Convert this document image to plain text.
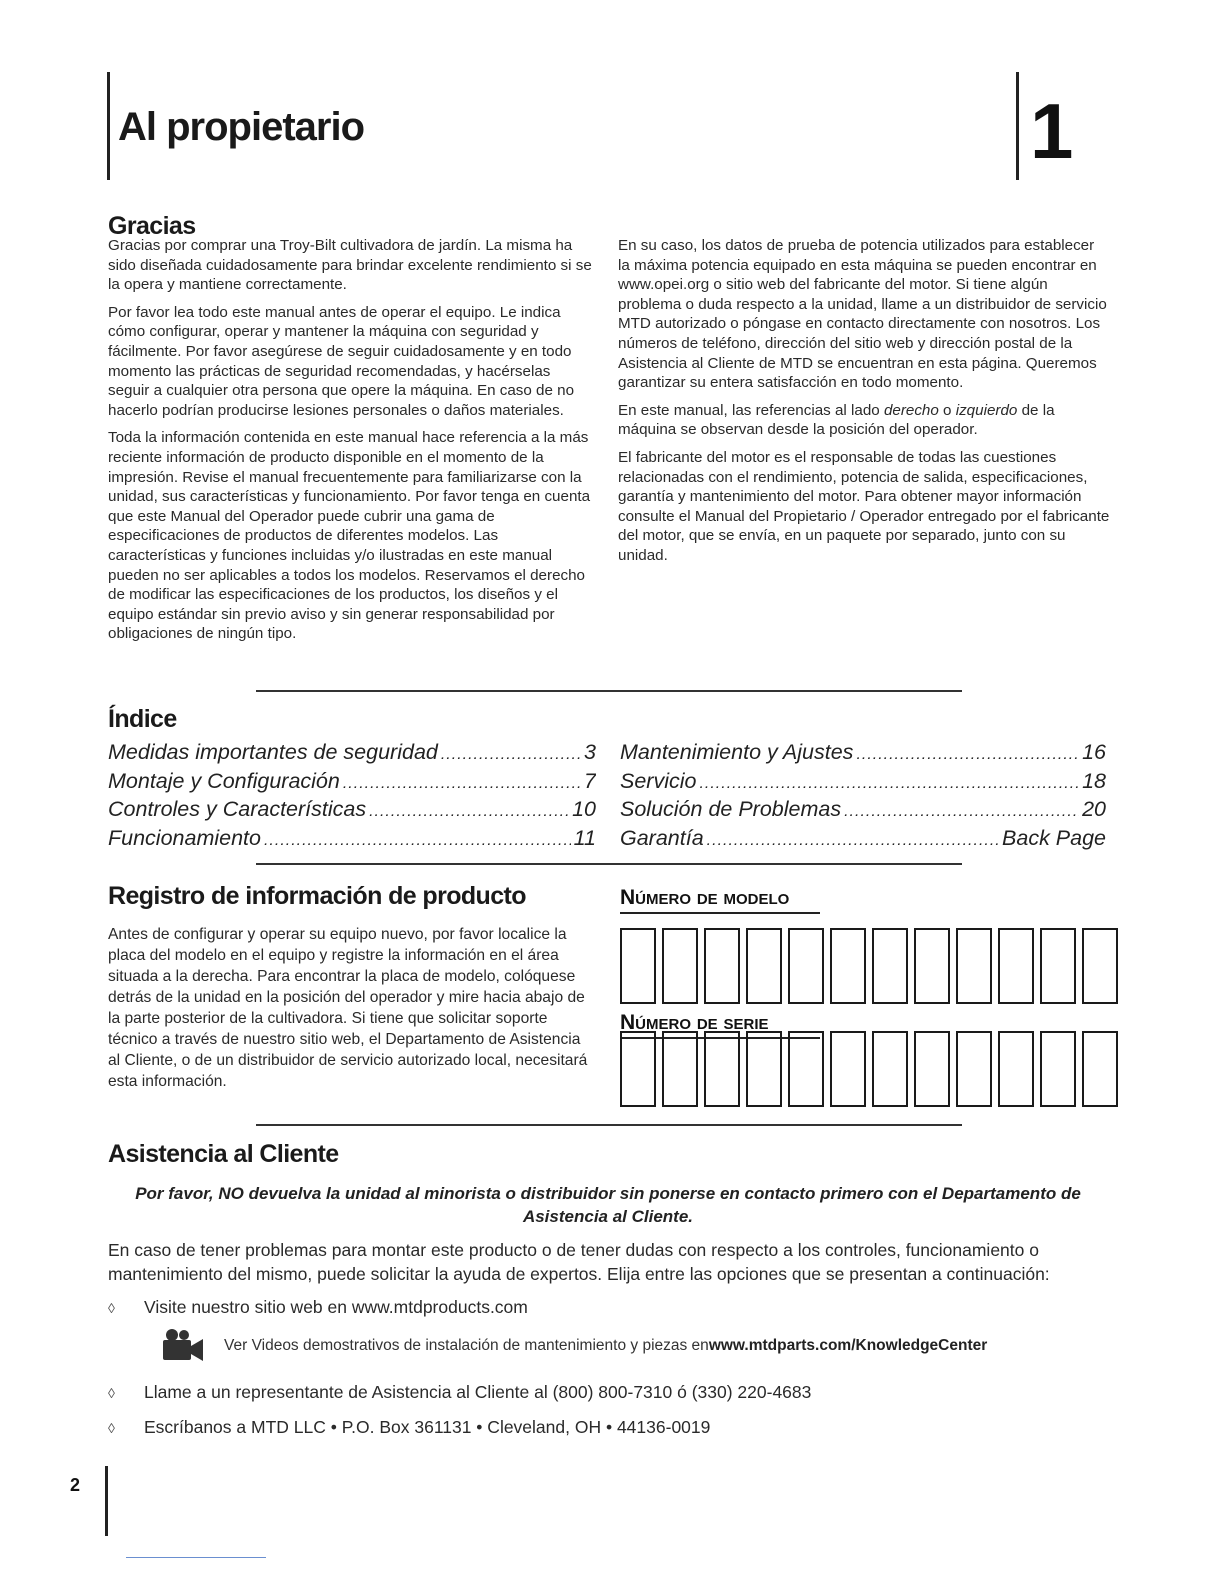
Al propietario	1
Gracias

Gracias por comprar una Troy-Bilt cultivadora de jardín. La misma ha sido diseñada cuidadosamente para brindar excelente rendimiento si se la opera y mantiene correctamente.

Por favor lea todo este manual antes de operar el equipo. Le indica cómo configurar, operar y mantener la máquina con seguridad y fácilmente. Por favor asegúrese de seguir cuidadosamente y en todo momento las prácticas de seguridad recomendadas, y hacérselas seguir a cualquier otra persona que opere la máquina. En caso de no hacerlo podrían producirse lesiones personales o daños materiales.

Toda la información contenida en este manual hace referencia a la más reciente información de producto disponible en el momento de la impresión. Revise el manual frecuentemente para familiarizarse con la unidad, sus características y funcionamiento. Por favor tenga en cuenta que este Manual del Operador puede cubrir una gama de especificaciones de productos de diferentes modelos. Las características y funciones incluidas y/o ilustradas en este manual pueden no ser aplicables a todos los modelos. Reservamos el derecho de modificar las especificaciones de los productos, los diseños y el equipo estándar sin previo aviso y sin generar responsabilidad por obligaciones de ningún tipo.

En su caso, los datos de prueba de potencia utilizados para establecer la máxima potencia equipado en esta máquina se pueden encontrar en www.opei.org o sitio web del fabricante del motor. Si tiene algún problema o duda respecto a la unidad, llame a un distribuidor de servicio MTD autorizado o póngase en contacto directamente con nosotros. Los números de teléfono, dirección del sitio web y dirección postal de la Asistencia al Cliente de MTD se encuentran en esta página. Queremos garantizar su entera satisfacción en todo momento.

En este manual, las referencias al lado derecho o izquierdo de la máquina se observan desde la posición del operador.

El fabricante del motor es el responsable de todas las cuestiones relacionadas con el rendimiento, potencia de salida, especificaciones, garantía y mantenimiento del motor. Para obtener mayor información consulte el Manual del Propietario / Operador entregado por el fabricante del motor, que se envía, en un paquete por separado, junto con su unidad.

Índice
Medidas importantes de seguridad .....	3
Montaje y Configuración .....	7
Controles y Características .....	10
Funcionamiento .....	11
Mantenimiento y Ajustes .....	16
Servicio .....	18
Solución de Problemas .....	20
Garantía .....	Back Page
Registro de información de producto
Antes de configurar y operar su equipo nuevo, por favor localice la placa del modelo en el equipo y registre la información en el área situada a la derecha. Para encontrar la placa de modelo, colóquese detrás de la unidad en la posición del operador y mire hacia abajo de la parte posterior de la cultivadora. Si tiene que solicitar soporte técnico a través de nuestro sitio web, el Departamento de Asistencia al Cliente, o de un distribuidor de servicio autorizado local, necesitará esta información.
Número de modelo
Número de serie
Asistencia al Cliente
Por favor, NO devuelva la unidad al minorista o distribuidor sin ponerse en contacto primero con el Departamento de Asistencia al Cliente.
En caso de tener problemas para montar este producto o de tener dudas con respecto a los controles, funcionamiento o mantenimiento del mismo, puede solicitar la ayuda de expertos. Elija entre las opciones que se presentan a continuación:
◊	Visite nuestro sitio web en www.mtdproducts.com
Ver Videos demostrativos de instalación de mantenimiento y piezas en www.mtdparts.com/KnowledgeCenter
◊	Llame a un representante de Asistencia al Cliente al (800) 800-7310 ó (330) 220-4683
◊	Escríbanos a MTD LLC • P.O. Box 361131 • Cleveland, OH • 44136-0019
2
